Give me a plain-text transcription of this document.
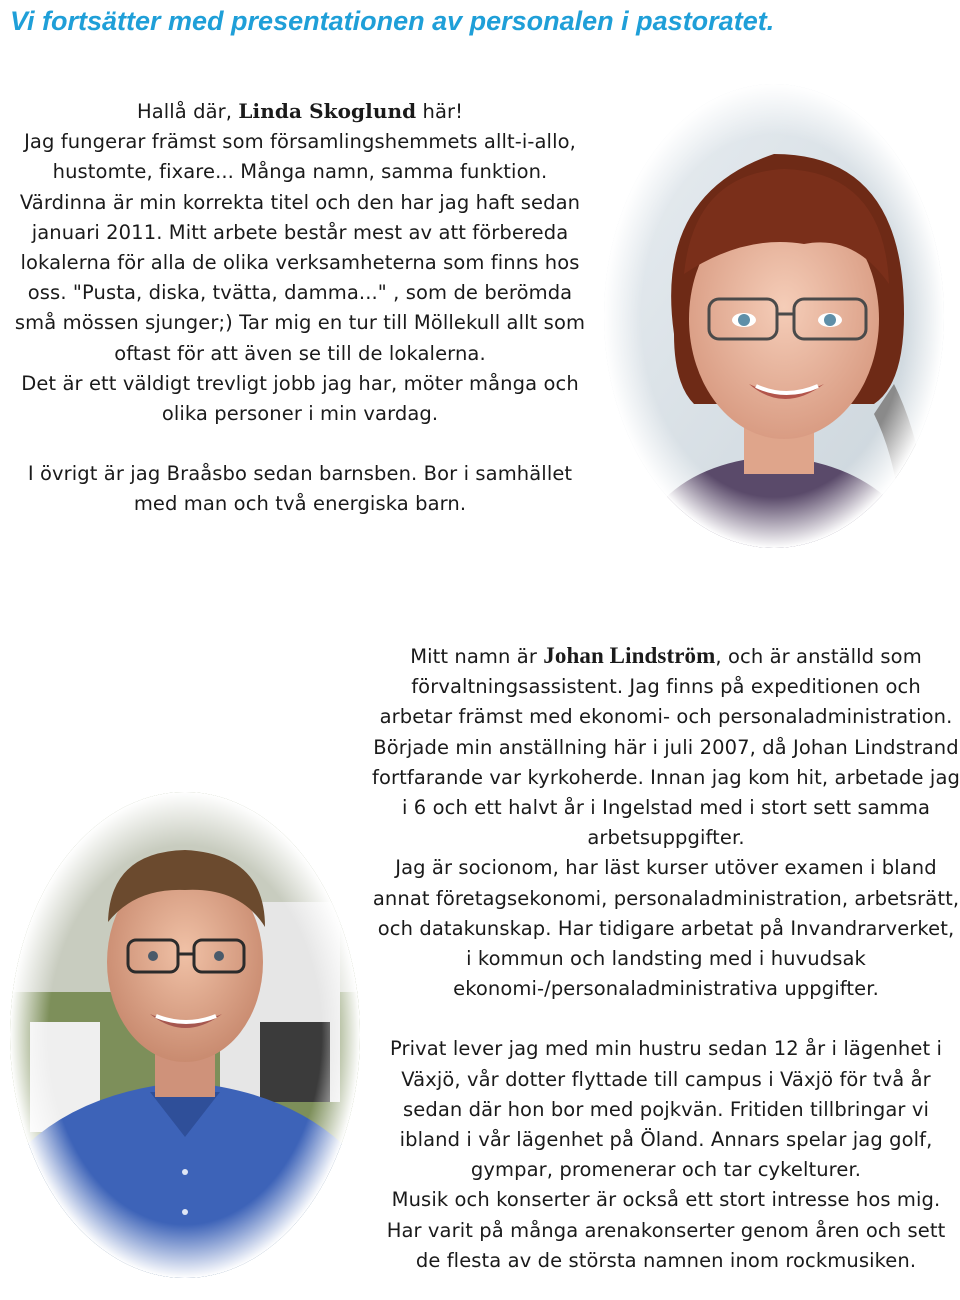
Vi fortsätter med presentationen av personalen i pastoratet.

Hallå där, Linda Skoglund här!
Jag fungerar främst som församlingshemmets allt-i-allo, hustomte, fixare... Många namn, samma funktion. Värdinna är min korrekta titel och den har jag haft sedan januari 2011. Mitt arbete består mest av att förbereda lokalerna för alla de olika verksamheterna som finns hos oss. "Pusta, diska, tvätta, damma..." , som de berömda små mössen sjunger;) Tar mig en tur till Möllekull allt som oftast för att även se till de lokalerna.

Det är ett väldigt trevligt jobb jag har, möter många och olika personer i min vardag.

I övrigt är jag Braåsbo sedan barnsben. Bor i samhället med man och två energiska barn.

Mitt namn är Johan Lindström, och är anställd som förvaltningsassistent. Jag finns på expeditionen och arbetar främst med ekonomi- och personaladministration. Började min anställning här i juli 2007, då Johan Lindstrand fortfarande var kyrkoherde. Innan jag kom hit, arbetade jag i 6 och ett halvt år i Ingelstad med i stort sett samma arbetsuppgifter.

Jag är socionom, har läst kurser utöver examen i bland annat företagsekonomi, personaladministration, arbetsrätt, och datakunskap. Har tidigare arbetat på Invandrarverket, i kommun och landsting med i huvudsak ekonomi-/personaladministrativa uppgifter.

Privat lever jag med min hustru sedan 12 år i lägenhet i Växjö, vår dotter flyttade till campus i Växjö för två år sedan där hon bor med pojkvän. Fritiden tillbringar vi ibland i vår lägenhet på Öland. Annars spelar jag golf, gympar, promenerar och tar cykelturer.

Musik och konserter är också ett stort intresse hos mig. Har varit på många arenakonserter genom åren och sett de flesta av de största namnen inom rockmusiken.
